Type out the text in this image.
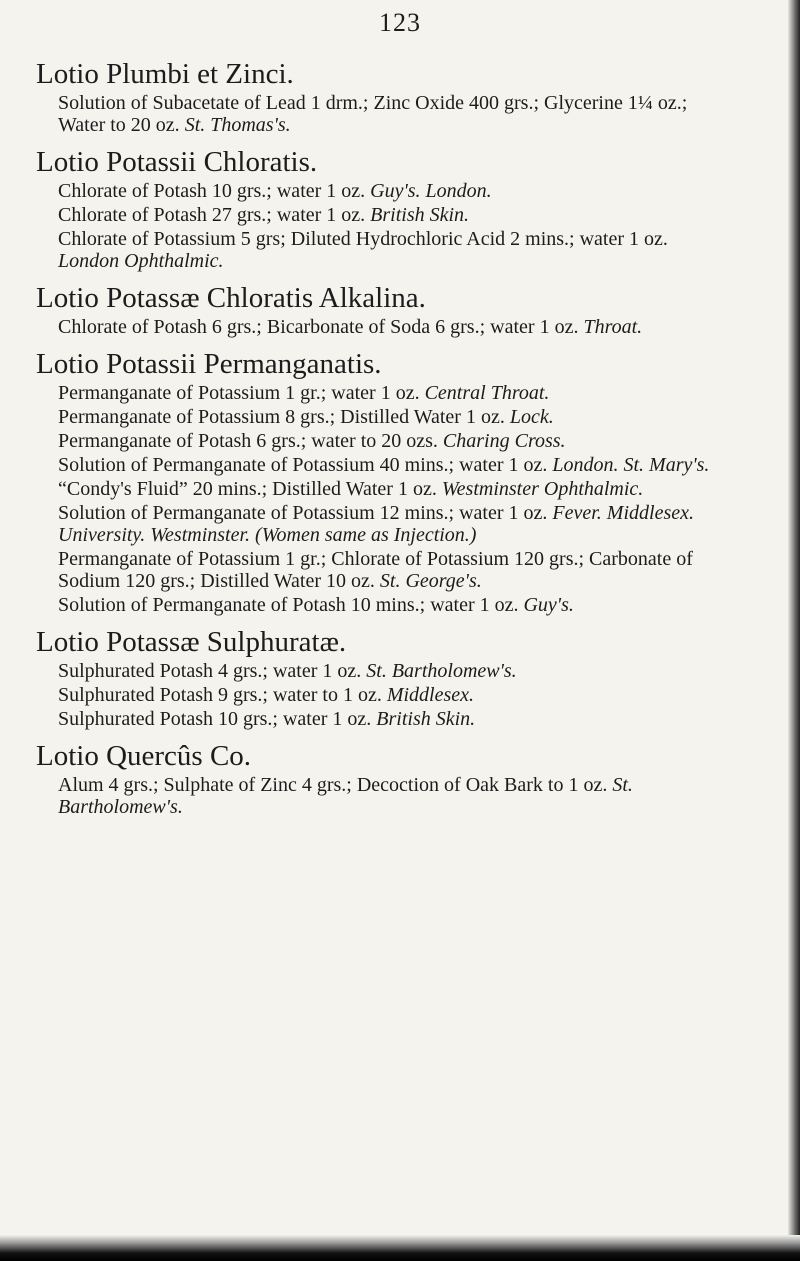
123
Lotio Plumbi et Zinci.
Solution of Subacetate of Lead 1 drm.; Zinc Oxide 400 grs.; Glycerine 1¼ oz.; Water to 20 oz. St. Thomas's.
Lotio Potassii Chloratis.
Chlorate of Potash 10 grs.; water 1 oz. Guy's. London.
Chlorate of Potash 27 grs.; water 1 oz. British Skin.
Chlorate of Potassium 5 grs; Diluted Hydrochloric Acid 2 mins.; water 1 oz. London Ophthalmic.
Lotio Potassæ Chloratis Alkalina.
Chlorate of Potash 6 grs.; Bicarbonate of Soda 6 grs.; water 1 oz. Throat.
Lotio Potassii Permanganatis.
Permanganate of Potassium 1 gr.; water 1 oz. Central Throat.
Permanganate of Potassium 8 grs.; Distilled Water 1 oz. Lock.
Permanganate of Potash 6 grs.; water to 20 ozs. Charing Cross.
Solution of Permanganate of Potassium 40 mins.; water 1 oz. London. St. Mary's.
“Condy's Fluid” 20 mins.; Distilled Water 1 oz. Westminster Ophthalmic.
Solution of Permanganate of Potassium 12 mins.; water 1 oz. Fever. Middlesex. University. Westminster. (Women same as Injection.)
Permanganate of Potassium 1 gr.; Chlorate of Potassium 120 grs.; Carbonate of Sodium 120 grs.; Distilled Water 10 oz. St. George's.
Solution of Permanganate of Potash 10 mins.; water 1 oz. Guy's.
Lotio Potassæ Sulphuratæ.
Sulphurated Potash 4 grs.; water 1 oz. St. Bartholomew's.
Sulphurated Potash 9 grs.; water to 1 oz. Middlesex.
Sulphurated Potash 10 grs.; water 1 oz. British Skin.
Lotio Quercûs Co.
Alum 4 grs.; Sulphate of Zinc 4 grs.; Decoction of Oak Bark to 1 oz. St. Bartholomew's.
